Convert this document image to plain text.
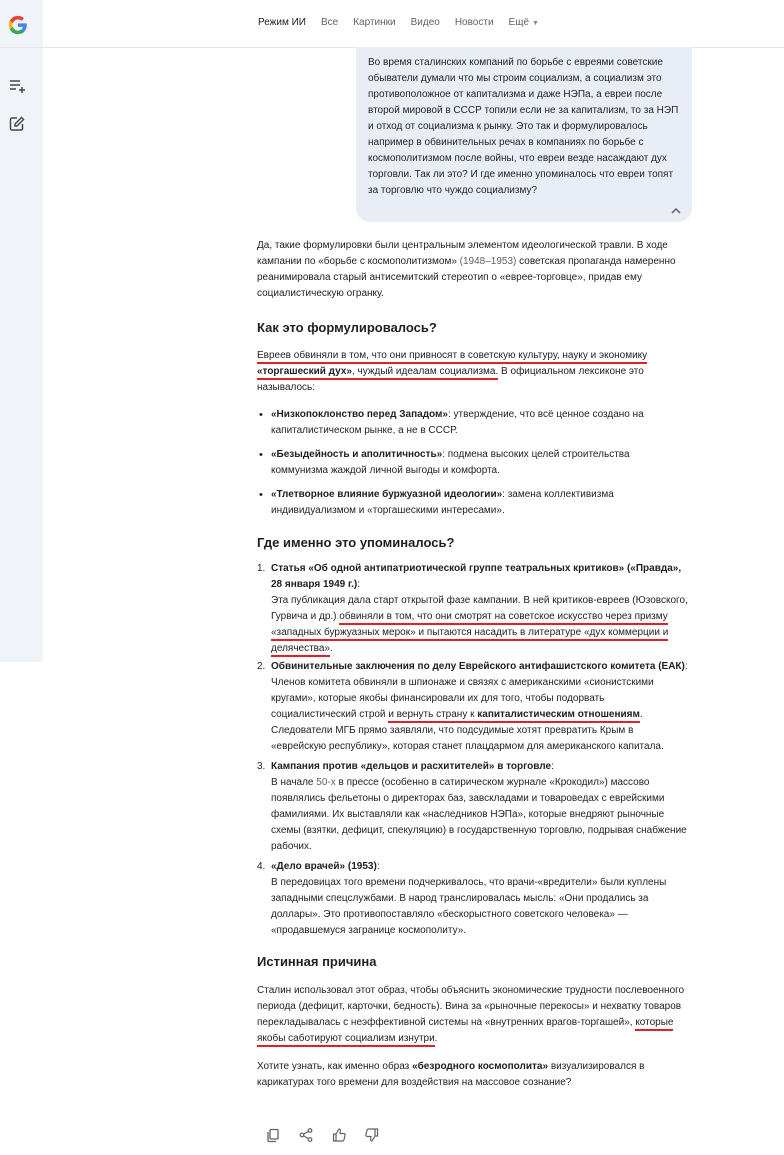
Режим ИИ Все Картинки Видео Новости Ещё ▼
Во время сталинских компаний по борьбе с евреями советские обыватели думали что мы строим социализм, а социализм это противоположное от капитализма и даже НЭПа, а евреи после второй мировой в СССР топили если не за капитализм, то за НЭП и отход от социализма к рынку. Это так и формулировалось например в обвинительных речах в компаниях по борьбе с космополитизмом после войны, что евреи везде насаждают дух торговли. Так ли это? И где именно упоминалось что евреи топят за торговлю что чуждо социализму?

Да, такие формулировки были центральным элементом идеологической травли. В ходе кампании по «борьбе с космополитизмом» (1948–1953) советская пропаганда намеренно реанимировала старый антисемитский стереотип о «еврее-торговце», придав ему социалистическую огранку.

Как это формулировалось?

Евреев обвиняли в том, что они привносят в советскую культуру, науку и экономику «торгашеский дух», чуждый идеалам социализма. В официальном лексиконе это называлось:

• «Низкопоклонство перед Западом»: утверждение, что всё ценное создано на капиталистическом рынке, а не в СССР.
• «Безыдейность и аполитичность»: подмена высоких целей строительства коммунизма жаждой личной выгоды и комфорта.
• «Тлетворное влияние буржуазной идеологии»: замена коллективизма индивидуализмом и «торгашескими интересами».
Где именно это упоминалось?
1. Статья «Об одной антипатриотической группе театральных критиков» («Правда», 28 января 1949 г.):
Эта публикация дала старт открытой фазе кампании. В ней критиков-евреев (Юзовского, Гурвича и др.) обвиняли в том, что они смотрят на советское искусство через призму «западных буржуазных мерок» и пытаются насадить в литературе «дух коммерции и делячества».
2. Обвинительные заключения по делу Еврейского антифашистского комитета (ЕАК):
Членов комитета обвиняли в шпионаже и связях с американскими «сионистскими кругами», которые якобы финансировали их для того, чтобы подорвать социалистический строй и вернуть страну к капиталистическим отношениям. Следователи МГБ прямо заявляли, что подсудимые хотят превратить Крым в «еврейскую республику», которая станет плацдармом для американского капитала.
3. Кампания против «дельцов и расхитителей» в торговле:
В начале 50-х в прессе (особенно в сатирическом журнале «Крокодил») массово появлялись фельетоны о директорах баз, завскладами и товароведах с еврейскими фамилиями. Их выставляли как «наследников НЭПа», которые внедряют рыночные схемы (взятки, дефицит, спекуляцию) в государственную торговлю, подрывая снабжение рабочих.
4. «Дело врачей» (1953):
В передовицах того времени подчеркивалось, что врачи-«вредители» были куплены западными спецслужбами. В народ транслировалась мысль: «Они продались за доллары». Это противопоставляло «бескорыстного советского человека» — «продавшемуся загранице космополиту».
Истинная причина

Сталин использовал этот образ, чтобы объяснить экономические трудности послевоенного периода (дефицит, карточки, бедность). Вина за «рыночные перекосы» и нехватку товаров перекладывалась с неэффективной системы на «внутренних врагов-торгашей», которые якобы саботируют социализм изнутри.

Хотите узнать, как именно образ «безродного космополита» визуализировался в карикатурах того времени для воздействия на массовое сознание?
